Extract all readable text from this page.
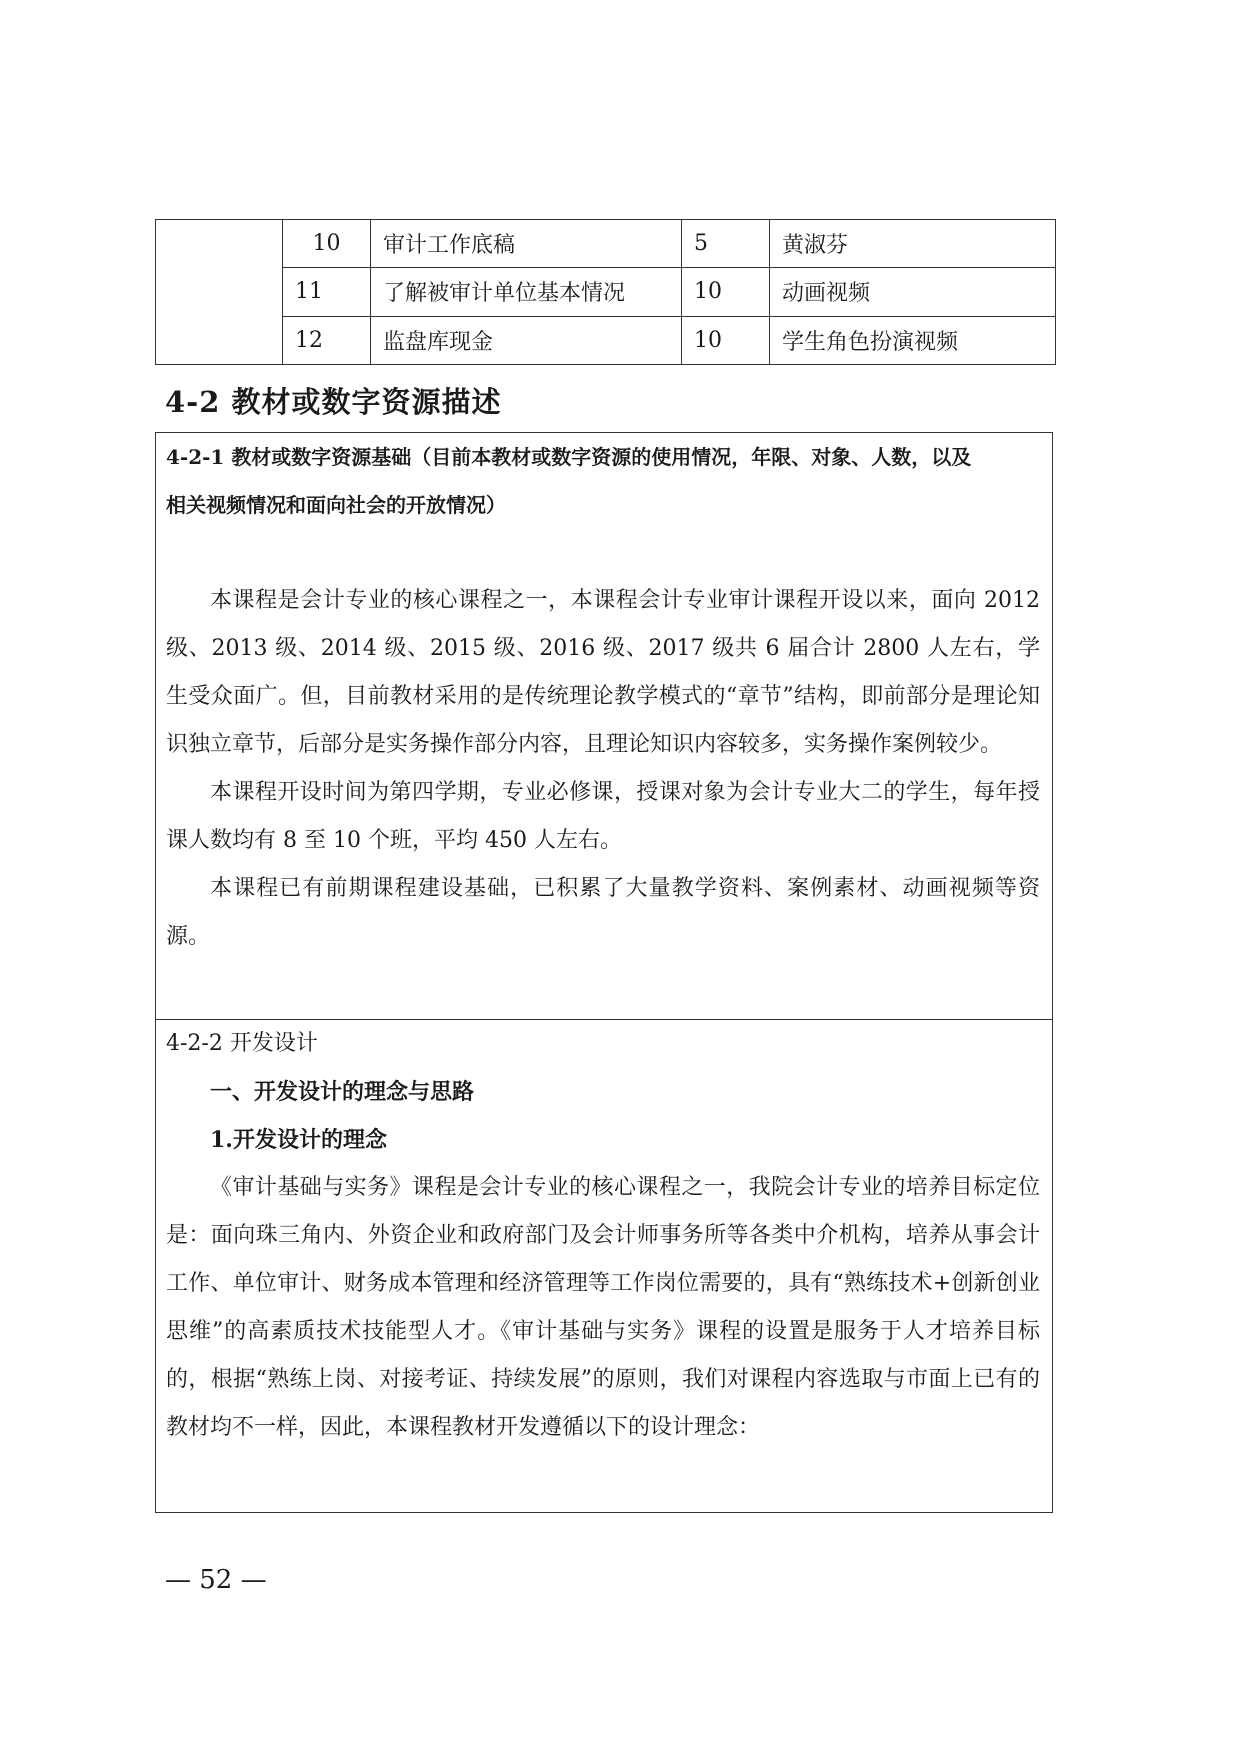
	10	审计工作底稿	5	黄淑芬
	11	了解被审计单位基本情况	10	动画视频
	12	监盘库现金	10	学生角色扮演视频
4-2 教材或数字资源描述
4-2-1 教材或数字资源基础（目前本教材或数字资源的使用情况，年限、对象、人数，以及
相关视频情况和面向社会的开放情况）

本课程是会计专业的核心课程之一，本课程会计专业审计课程开设以来，面向 2012 级、2013 级、2014 级、2015 级、2016 级、2017 级共 6 届合计 2800 人左右，学生受众面广。但，目前教材采用的是传统理论教学模式的“章节”结构，即前部分是理论知识独立章节，后部分是实务操作部分内容，且理论知识内容较多，实务操作案例较少。

本课程开设时间为第四学期，专业必修课，授课对象为会计专业大二的学生，每年授课人数均有 8 至 10 个班，平均 450 人左右。

本课程已有前期课程建设基础，已积累了大量教学资料、案例素材、动画视频等资源。

4-2-2 开发设计

一、开发设计的理念与思路

1.开发设计的理念

《审计基础与实务》课程是会计专业的核心课程之一，我院会计专业的培养目标定位是：面向珠三角内、外资企业和政府部门及会计师事务所等各类中介机构，培养从事会计工作、单位审计、财务成本管理和经济管理等工作岗位需要的，具有“熟练技术+创新创业思维”的高素质技术技能型人才。《审计基础与实务》课程的设置是服务于人才培养目标的，根据“熟练上岗、对接考证、持续发展”的原则，我们对课程内容选取与市面上已有的教材均不一样，因此，本课程教材开发遵循以下的设计理念：

— 52 —
